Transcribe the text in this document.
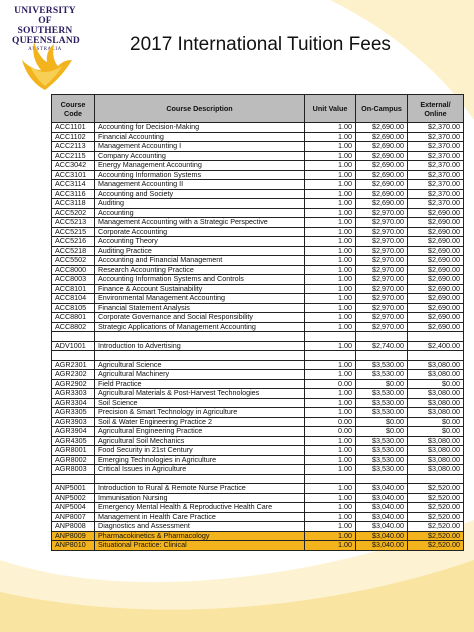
UNIVERSITY
OF SOUTHERN
QUEENSLAND
AUSTRALIA	2017 International Tuition Fees
Course Code	Course Description	Unit Value	On-Campus	External/ Online
ACC1101	Accounting for Decision-Making	1.00	$2,690.00	$2,370.00
ACC1102	Financial Accounting	1.00	$2,690.00	$2,370.00
ACC2113	Management Accounting I	1.00	$2,690.00	$2,370.00
ACC2115	Company Accounting	1.00	$2,690.00	$2,370.00
ACC3042	Energy Management Accounting	1.00	$2,690.00	$2,370.00
ACC3101	Accounting Information Systems	1.00	$2,690.00	$2,370.00
ACC3114	Management Accounting II	1.00	$2,690.00	$2,370.00
ACC3116	Accounting and Society	1.00	$2,690.00	$2,370.00
ACC3118	Auditing	1.00	$2,690.00	$2,370.00
ACC5202	Accounting	1.00	$2,970.00	$2,690.00
ACC5213	Management Accounting with a Strategic Perspective	1.00	$2,970.00	$2,690.00
ACC5215	Corporate Accounting	1.00	$2,970.00	$2,690.00
ACC5216	Accounting Theory	1.00	$2,970.00	$2,690.00
ACC5218	Auditing Practice	1.00	$2,970.00	$2,690.00
ACC5502	Accounting and Financial Management	1.00	$2,970.00	$2,690.00
ACC8000	Research Accounting Practice	1.00	$2,970.00	$2,690.00
ACC8003	Accounting Information Systems and Controls	1.00	$2,970.00	$2,690.00
ACC8101	Finance & Account Sustainability	1.00	$2,970.00	$2,690.00
ACC8104	Environmental Management Accounting	1.00	$2,970.00	$2,690.00
ACC8105	Financial Statement Analysis	1.00	$2,970.00	$2,690.00
ACC8801	Corporate Governance and Social Responsibility	1.00	$2,970.00	$2,690.00
ACC8802	Strategic Applications of Management Accounting	1.00	$2,970.00	$2,690.00

ADV1001	Introduction to Advertising	1.00	$2,740.00	$2,400.00

AGR2301	Agricultural Science	1.00	$3,530.00	$3,080.00
AGR2302	Agricultural Machinery	1.00	$3,530.00	$3,080.00
AGR2902	Field Practice	0.00	$0.00	$0.00
AGR3303	Agricultural Materials & Post-Harvest Technologies	1.00	$3,530.00	$3,080.00
AGR3304	Soil Science	1.00	$3,530.00	$3,080.00
AGR3305	Precision & Smart Technology in Agriculture	1.00	$3,530.00	$3,080.00
AGR3903	Soil & Water Engineering Practice 2	0.00	$0.00	$0.00
AGR3904	Agricultural Engineering Practice	0.00	$0.00	$0.00
AGR4305	Agricultural Soil Mechanics	1.00	$3,530.00	$3,080.00
AGR8001	Food Security in 21st Century	1.00	$3,530.00	$3,080.00
AGR8002	Emerging Technologies in Agriculture	1.00	$3,530.00	$3,080.00
AGR8003	Critical Issues in Agriculture	1.00	$3,530.00	$3,080.00

ANP5001	Introduction to Rural & Remote Nurse Practice	1.00	$3,040.00	$2,520.00
ANP5002	Immunisation Nursing	1.00	$3,040.00	$2,520.00
ANP5004	Emergency Mental Health & Reproductive Health Care	1.00	$3,040.00	$2,520.00
ANP8007	Management in Health Care Practice	1.00	$3,040.00	$2,520.00
ANP8008	Diagnostics and Assessment	1.00	$3,040.00	$2,520.00
ANP8009	Pharmacokinetics & Pharmacology	1.00	$3,040.00	$2,520.00
ANP8010	Situational Practice: Clinical	1.00	$3,040.00	$2,520.00
